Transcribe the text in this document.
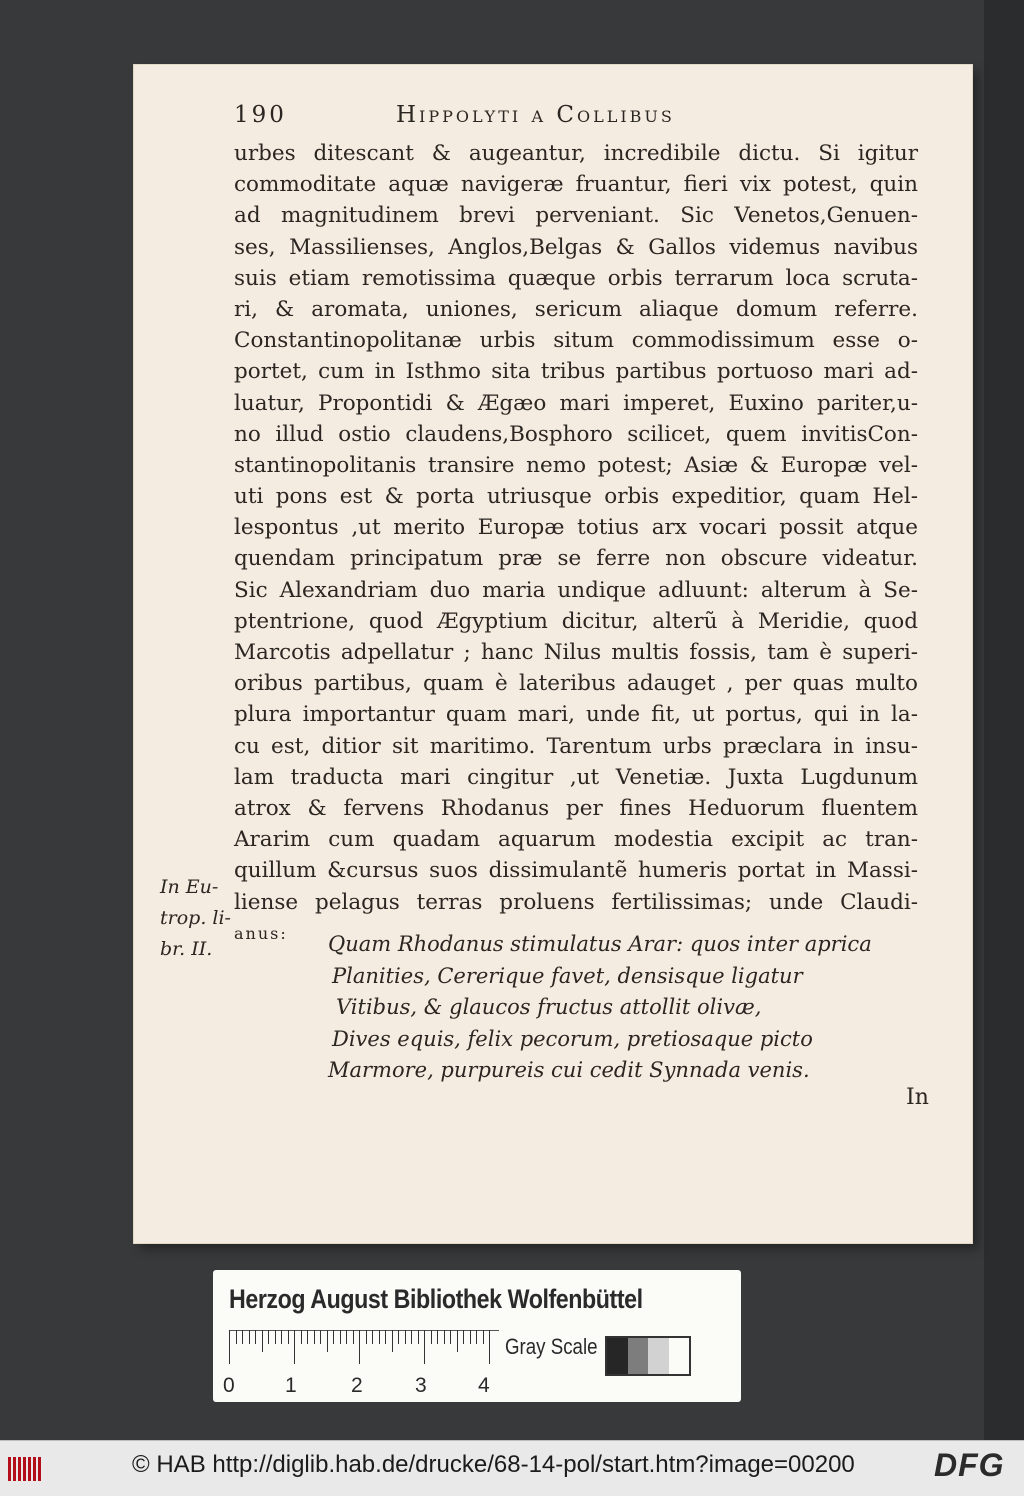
190	Hippolyti a Collibus
urbes ditescant & augeantur, incredibile dictu. Si igitur
commoditate aquæ navigeræ fruantur, fieri vix potest, quin
ad magnitudinem brevi perveniant. Sic Venetos,Genuen-
ses, Massilienses, Anglos,Belgas & Gallos videmus navibus
suis etiam remotissima quæque orbis terrarum loca scruta-
ri, & aromata, uniones, sericum aliaque domum referre.
Constantinopolitanæ urbis situm commodissimum esse o-
portet, cum in Isthmo sita tribus partibus portuoso mari ad-
luatur, Propontidi & Ægæo mari imperet, Euxino pariter,u-
no illud ostio claudens,Bosphoro scilicet, quem invitisCon-
stantinopolitanis transire nemo potest; Asiæ & Europæ vel-
uti pons est & porta utriusque orbis expeditior, quam Hel-
lespontus ,ut merito Europæ totius arx vocari possit atque
quendam principatum præ se ferre non obscure videatur.
Sic Alexandriam duo maria undique adluunt: alterum à Se-
ptentrione, quod Ægyptium dicitur, alterũ à Meridie, quod
Marcotis adpellatur ; hanc Nilus multis fossis, tam è superi-
oribus partibus, quam è lateribus adauget , per quas multo
plura importantur quam mari, unde fit, ut portus, qui in la-
cu est, ditior sit maritimo. Tarentum urbs præclara in insu-
lam traducta mari cingitur ,ut Venetiæ. Juxta Lugdunum
atrox & fervens Rhodanus per fines Heduorum fluentem
Ararim cum quadam aquarum modestia excipit ac tran-
quillum &cursus suos dissimulantẽ humeris portat in Massi-
liense pelagus terras proluens fertilissimas; unde Claudi-
anus:
In Eu-
trop. li-
br. II.	Quam Rhodanus stimulatus Arar: quos inter aprica
Planities, Cererique favet, densisque ligatur
Vitibus, & glaucos fructus attollit olivæ,
Dives equis, felix pecorum, pretiosaque picto
Marmore, purpureis cui cedit Synnada venis.
In
Herzog August Bibliothek Wolfenbüttel
0 1	2 3 4
Gray Scale
© HAB http://diglib.hab.de/drucke/68-14-pol/start.htm?image=00200 DFG
